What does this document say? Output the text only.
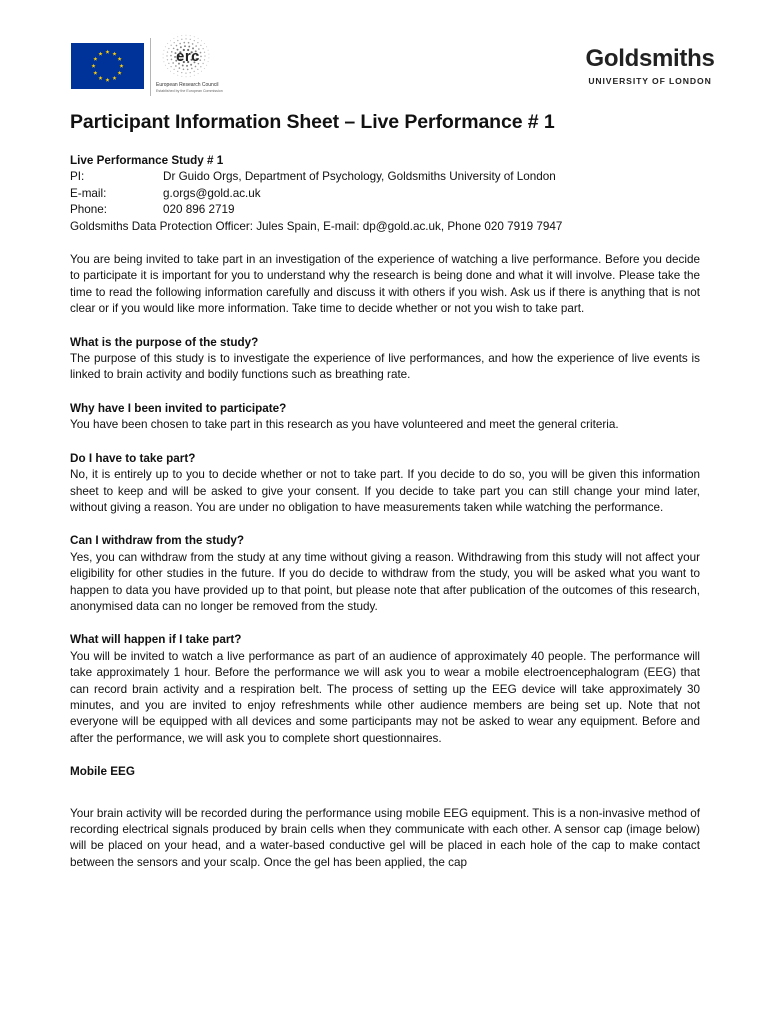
erc
European Research Council
Established by the European Commission
Goldsmiths
UNIVERSITY OF LONDON
Participant Information Sheet – Live Performance # 1

Live Performance Study # 1

PI:	Dr Guido Orgs, Department of Psychology, Goldsmiths University of London

E-mail:	g.orgs@gold.ac.uk

Phone:	020 896 2719

Goldsmiths Data Protection Officer: Jules Spain, E-mail: dp@gold.ac.uk, Phone 020 7919 7947

You are being invited to take part in an investigation of the experience of watching a live performance. Before you decide to participate it is important for you to understand why the research is being done and what it will involve. Please take the time to read the following information carefully and discuss it with others if you wish. Ask us if there is anything that is not clear or if you would like more information. Take time to decide whether or not you wish to take part.

What is the purpose of the study?

The purpose of this study is to investigate the experience of live performances, and how the experience of live events is linked to brain activity and bodily functions such as breathing rate.

Why have I been invited to participate?

You have been chosen to take part in this research as you have volunteered and meet the general criteria.

Do I have to take part?

No, it is entirely up to you to decide whether or not to take part. If you decide to do so, you will be given this information sheet to keep and will be asked to give your consent. If you decide to take part you can still change your mind later, without giving a reason. You are under no obligation to have measurements taken while watching the performance.

Can I withdraw from the study?

Yes, you can withdraw from the study at any time without giving a reason. Withdrawing from this study will not affect your eligibility for other studies in the future. If you do decide to withdraw from the study, you will be asked what you want to happen to data you have provided up to that point, but please note that after publication of the outcomes of this research, anonymised data can no longer be removed from the study.

What will happen if I take part?

You will be invited to watch a live performance as part of an audience of approximately 40 people. The performance will take approximately 1 hour. Before the performance we will ask you to wear a mobile electroencephalogram (EEG) that can record brain activity and a respiration belt. The process of setting up the EEG device will take approximately 30 minutes, and you are invited to enjoy refreshments while other audience members are being set up. Note that not everyone will be equipped with all devices and some participants may not be asked to wear any equipment. Before and after the performance, we will ask you to complete short questionnaires.

Mobile EEG

Your brain activity will be recorded during the performance using mobile EEG equipment. This is a non-invasive method of recording electrical signals produced by brain cells when they communicate with each other. A sensor cap (image below) will be placed on your head, and a water-based conductive gel will be placed in each hole of the cap to make contact between the sensors and your scalp. Once the gel has been applied, the cap
